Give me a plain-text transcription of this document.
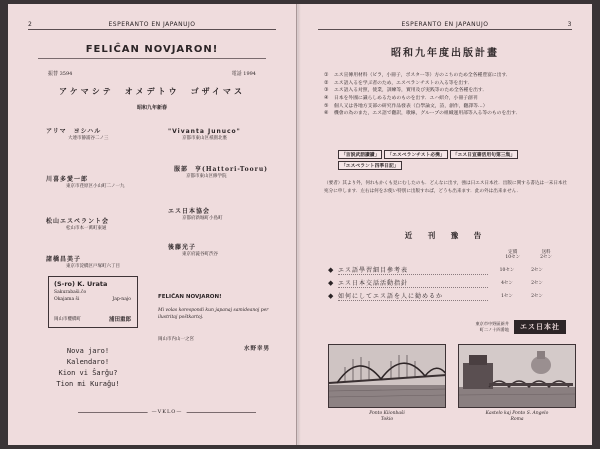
2	ESPERANTO EN JAPANUJO
FELIĈAN NOVJARON!
振替 3594	電話 1994
アケマシテ　オメデトウ　ゴザイマス
昭和九年新春
アリマ　ヨシハル
大連市静浦谷二ノ三
"Vivanta Junuco"
京都市東山区祇園北裏
服部　亨(Hattori-Tooru)
京都市東山区修学院
川喜多愛一郎
東京市荏原区小山町二ノ一九
エス日本協会
京都府新堀町小島町
松山エスペラント会
松山市本一萬町東通
後藤光子
東京府澁谷町渋谷
諸橋昌美子
東京市淀橋区戸塚町六丁目
(S-ro) K. Urata
Sakurabaŝi.ĉo
Okajama ŝi	Jap-najo
岡山市櫻橋町	浦田重郎
FELIĈAN NOVJARON!
Mi volas korespondi kun japanaj samideanoj per ilustritaj poŝtkartoj.
岡山市内山一之宮
水野幸男
Nova jaro!
Kalendaro!
Kion vi Ŝarĝu?
Tion mi Kuraĝu!
—VKLO—
ESPERANTO EN JAPANUJO	3
昭和九年度出版計畫
①	エス宣傳用材料（ビラ，小冊子，ポスター等）方のこちのため全各種豊富に出す．
②	エス語入るを学ぶ者のため，エスペランチストの入る等を出す．
③	エス語入る対照，使業，訓練等，實用及び実践等のため全各種を出す．
④	日本を外國に識らしめるためのものを出す．ユハ紹介，小冊子創刊
⑤	個人又は各地方支部の研究作品發表（自學論文，詩，創作，翻譯等…）
⑥	機會の為のまた，エス語で翻訳，歌線，グループの組織運用部等入る等のものを出す．
「言説武語讃讃」	「エスペランチスト必携」	「エス日宣書活用句第三集」
「エスペラント四季日記」
（要者）其より外，何れもかくも見にむしたのも．どんなに出す，強は日エス日本社．出版に関する書込は一末日本社宛分に申します．左右は何をお使い特別に出版すれば，どうも出来ます．此の外は出来ません．
近　刊　豫　告
定價
10セン
送料
2セン
◆ エス語學習細目參考表	10セン	2セン
◆ エス日本交話活動指針	4セン	2セン
◆ 如何にしてエス語を人に勧めるか	1セン	2セン
東京市中野區新井
町二ノ十四番地	エス日本社
Ponto Kiionbaŝi
Tokio
Kastelo kaj Ponto S. Angelo
Roma
